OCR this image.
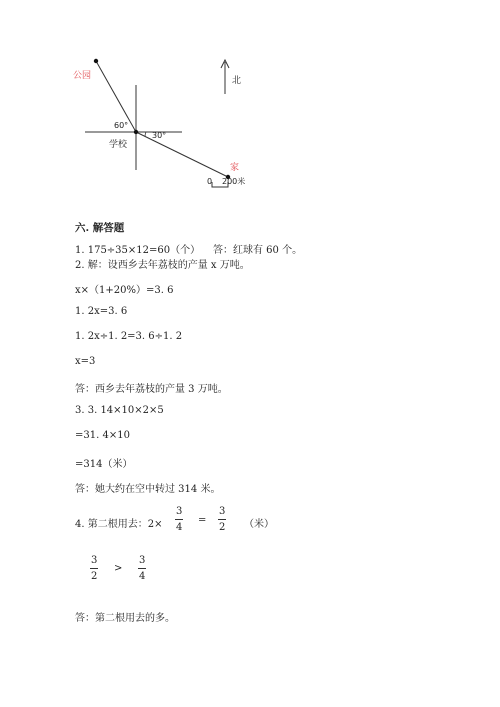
公园
60°
30°
学校
家
北
0 200米
六. 解答题
1. 175÷35×12=60（个） 答：红球有 60 个。
2. 解：设西乡去年荔枝的产量 x 万吨。
x×（1+20%）=3. 6
1. 2x=3. 6
1. 2x÷1. 2=3. 6÷1. 2
x=3
答：西乡去年荔枝的产量 3 万吨。
3. 3. 14×10×2×5
=31. 4×10
=314（米）
答：她大约在空中转过 314 米。
4. 第二根用去：$2\times \frac{3}{4} = \frac{3}{2}$ （米）
$\frac{3}{2} > \frac{3}{4}$
答：第二根用去的多。
